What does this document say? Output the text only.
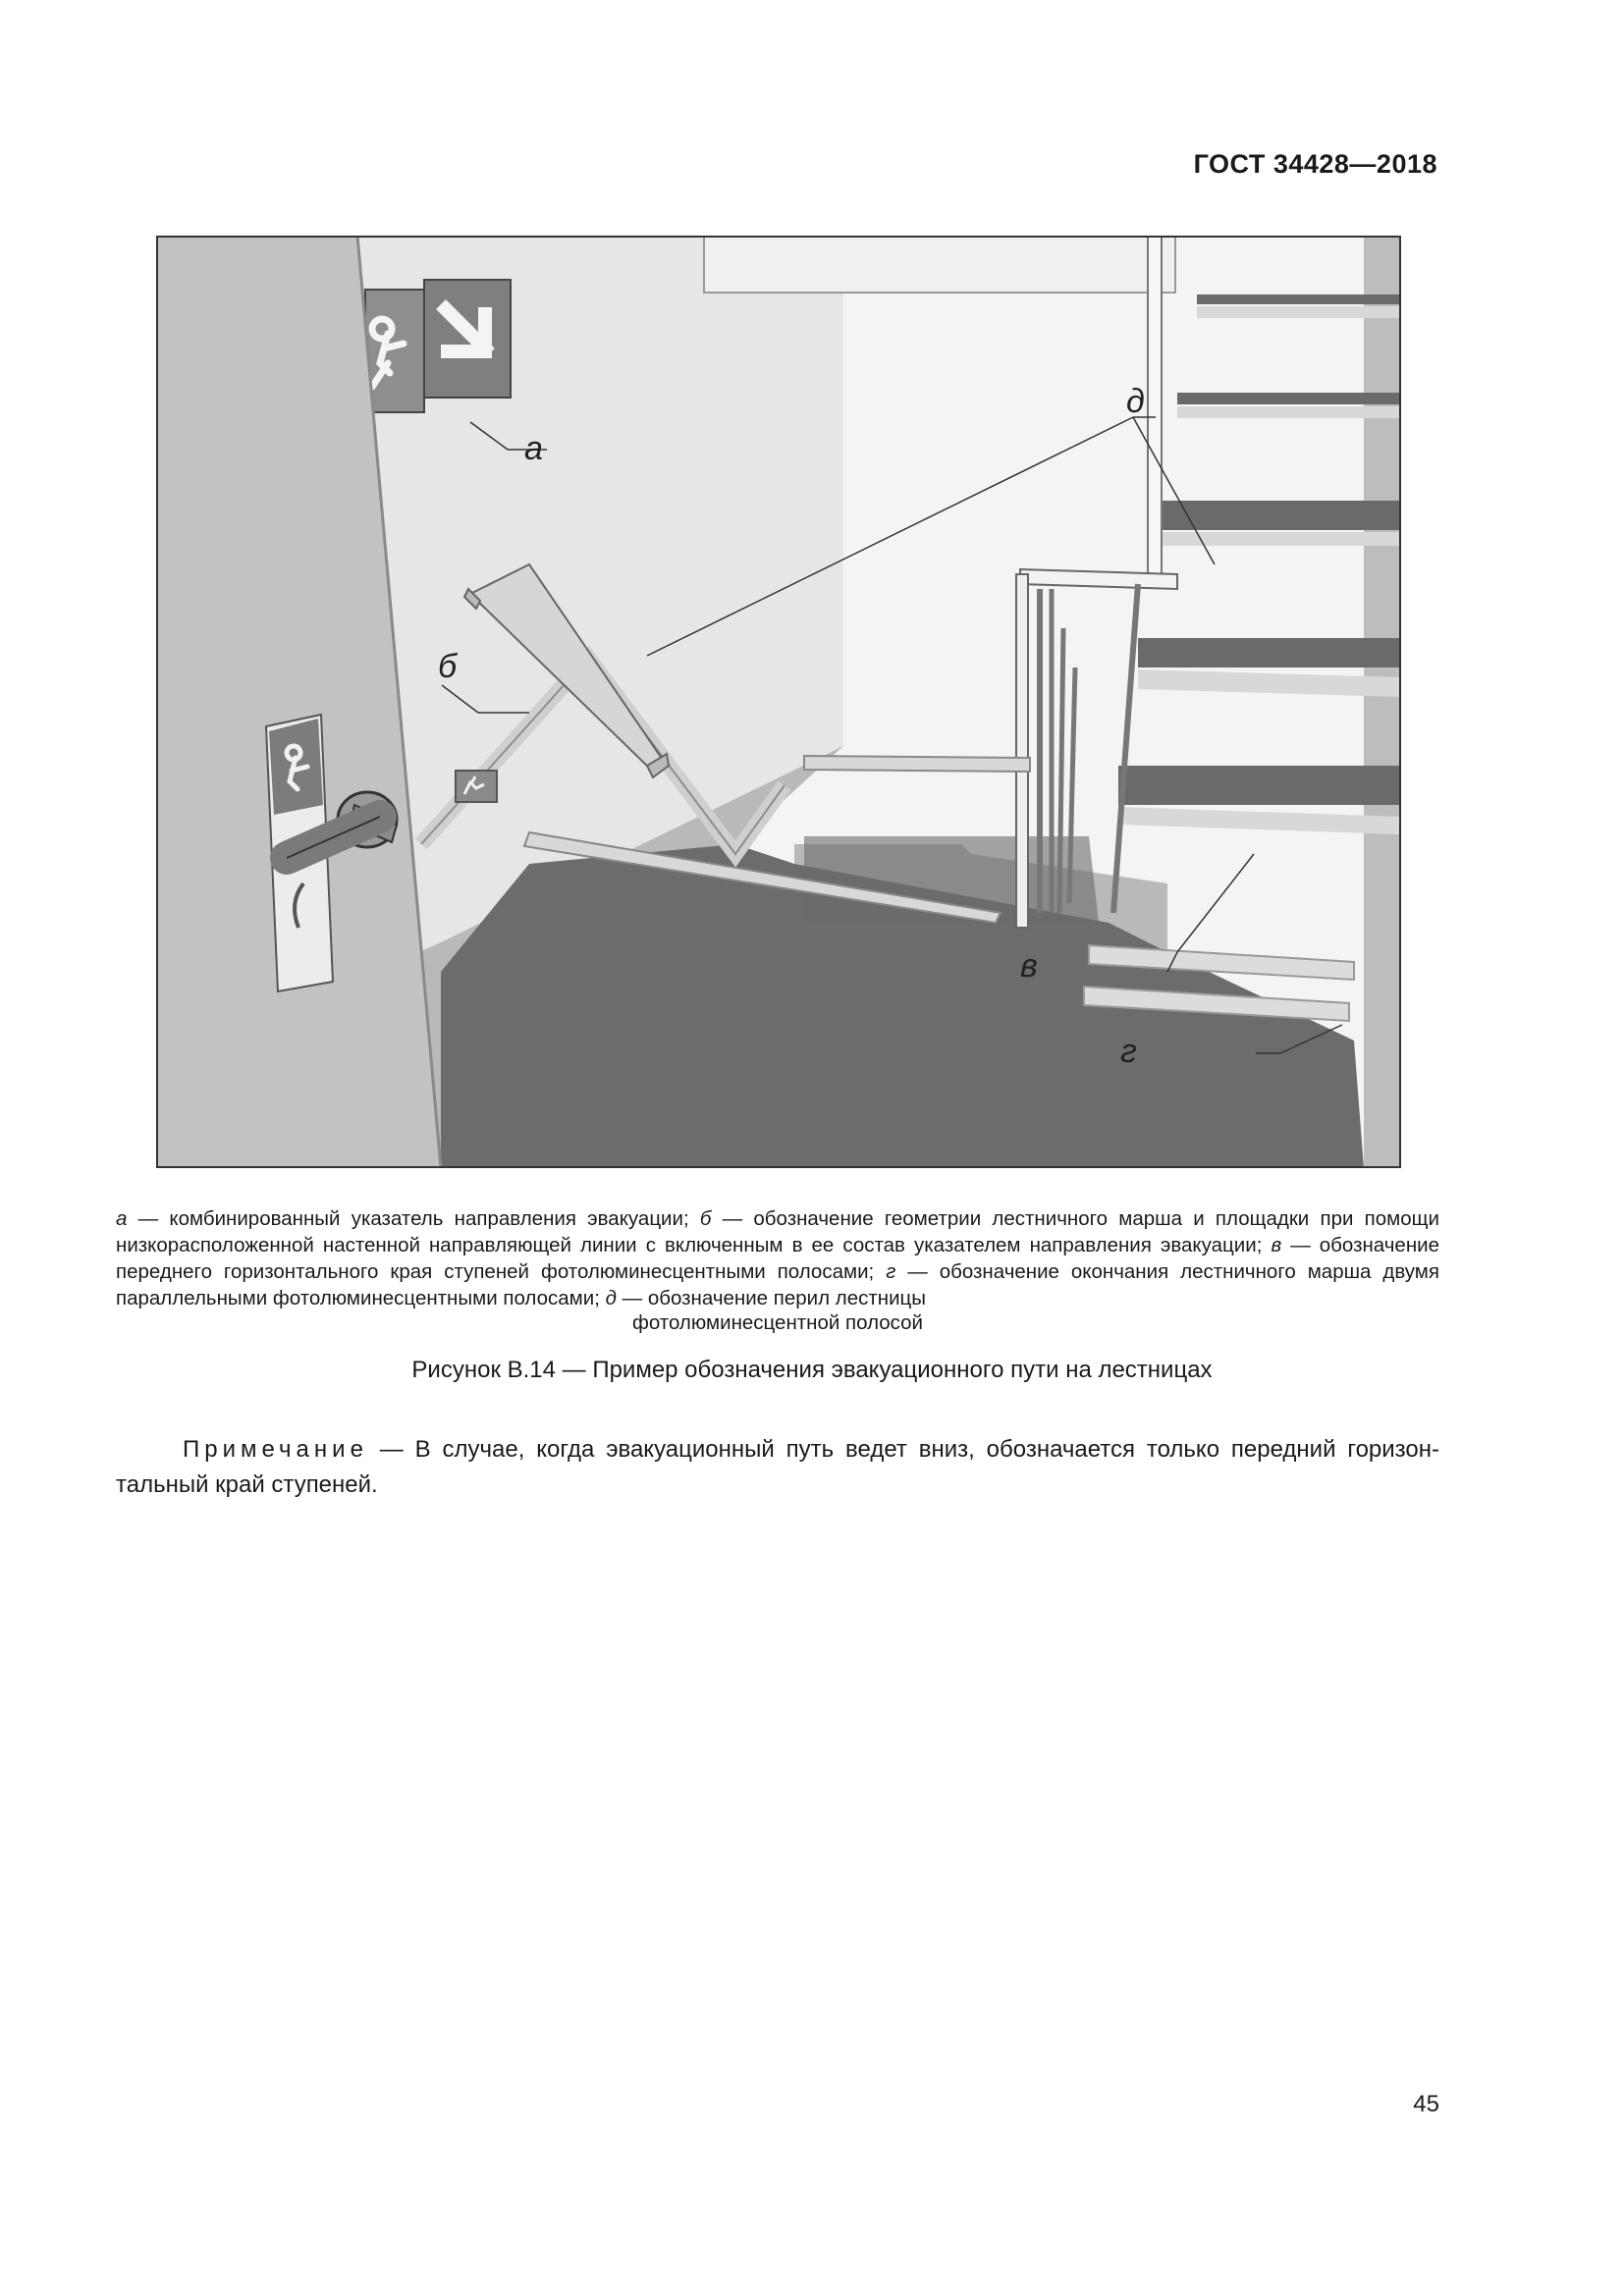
ГОСТ 34428—2018
а
б
д
в
г
а — комбинированный указатель направления эвакуации; б — обозначение геометрии лестничного марша и площадки при помощи низкорасположенной настенной направляющей линии с включенным в ее состав указателем направления эвакуации; в — обозначение переднего горизонтального края ступеней фотолюминесцентными полосами; г — обозначение окончания лестничного марша двумя параллельными фотолюминесцентными полосами; д — обозначение перил лестницы
фотолюминесцентной полосой
Рисунок В.14 — Пример обозначения эвакуационного пути на лестницах
Примечание — В случае, когда эвакуационный путь ведет вниз, обозначается только передний горизон-тальный край ступеней.
45
